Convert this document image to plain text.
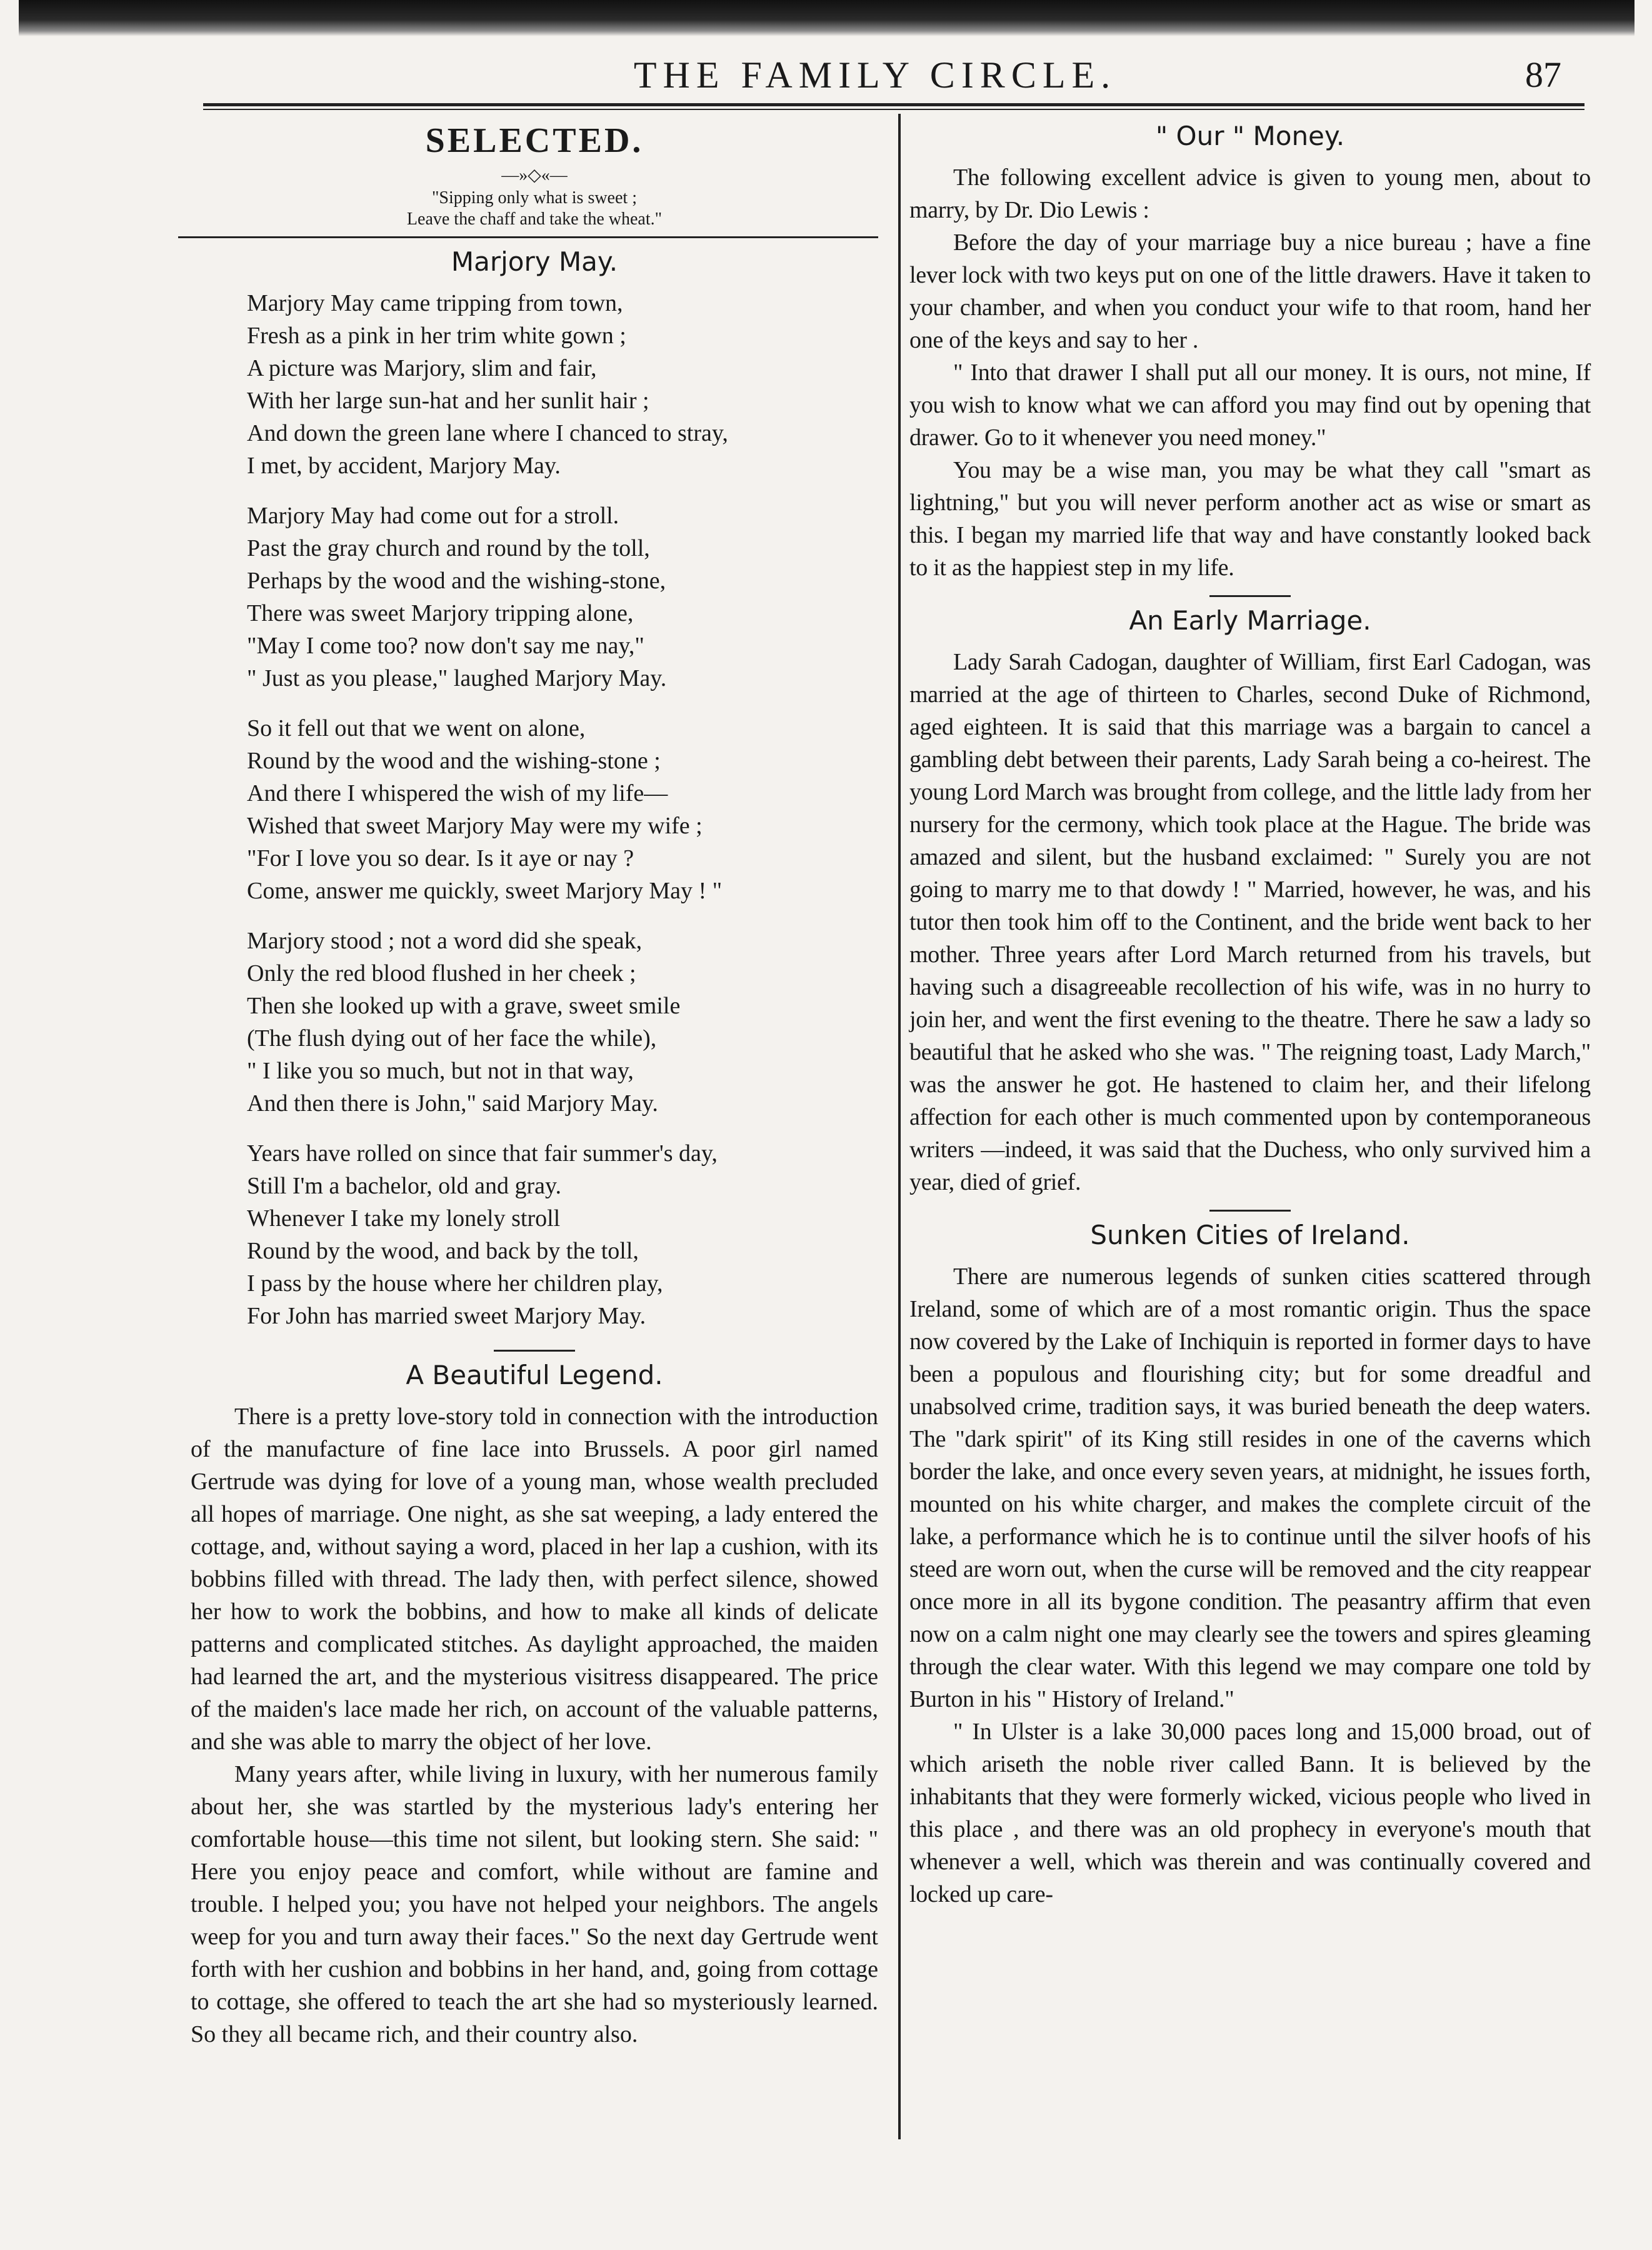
THE FAMILY CIRCLE.	87
SELECTED.
—»◇«—
"Sipping only what is sweet ;
Leave the chaff and take the wheat."
Marjory May.
Marjory May came tripping from town,
Fresh as a pink in her trim white gown ;
A picture was Marjory, slim and fair,
With her large sun-hat and her sunlit hair ;
And down the green lane where I chanced to stray,
I met, by accident, Marjory May.
Marjory May had come out for a stroll.
Past the gray church and round by the toll,
Perhaps by the wood and the wishing-stone,
There was sweet Marjory tripping alone,
"May I come too? now don't say me nay,"
" Just as you please," laughed Marjory May.
So it fell out that we went on alone,
Round by the wood and the wishing-stone ;
And there I whispered the wish of my life—
Wished that sweet Marjory May were my wife ;
"For I love you so dear. Is it aye or nay ?
Come, answer me quickly, sweet Marjory May ! "
Marjory stood ; not a word did she speak,
Only the red blood flushed in her cheek ;
Then she looked up with a grave, sweet smile
(The flush dying out of her face the while),
" I like you so much, but not in that way,
And then there is John," said Marjory May.
Years have rolled on since that fair summer's day,
Still I'm a bachelor, old and gray.
Whenever I take my lonely stroll
Round by the wood, and back by the toll,
I pass by the house where her children play,
For John has married sweet Marjory May.
A Beautiful Legend.

There is a pretty love-story told in connection with the introduction of the manufacture of fine lace into Brussels. A poor girl named Gertrude was dying for love of a young man, whose wealth precluded all hopes of marriage. One night, as she sat weeping, a lady entered the cottage, and, without saying a word, placed in her lap a cushion, with its bobbins filled with thread. The lady then, with perfect silence, showed her how to work the bobbins, and how to make all kinds of delicate patterns and complicated stitches. As daylight approached, the maiden had learned the art, and the mysterious visitress disappeared. The price of the maiden's lace made her rich, on account of the valuable patterns, and she was able to marry the object of her love.

Many years after, while living in luxury, with her numerous family about her, she was startled by the mysterious lady's entering her comfortable house—this time not silent, but looking stern. She said: " Here you enjoy peace and comfort, while without are famine and trouble. I helped you; you have not helped your neighbors. The angels weep for you and turn away their faces." So the next day Gertrude went forth with her cushion and bobbins in her hand, and, going from cottage to cottage, she offered to teach the art she had so mysteriously learned. So they all became rich, and their country also.

" Our " Money.

The following excellent advice is given to young men, about to marry, by Dr. Dio Lewis :

Before the day of your marriage buy a nice bureau ; have a fine lever lock with two keys put on one of the little drawers. Have it taken to your chamber, and when you conduct your wife to that room, hand her one of the keys and say to her .

" Into that drawer I shall put all our money. It is ours, not mine, If you wish to know what we can afford you may find out by opening that drawer. Go to it whenever you need money."

You may be a wise man, you may be what they call "smart as lightning," but you will never perform another act as wise or smart as this. I began my married life that way and have constantly looked back to it as the happiest step in my life.

An Early Marriage.

Lady Sarah Cadogan, daughter of William, first Earl Cadogan, was married at the age of thirteen to Charles, second Duke of Richmond, aged eighteen. It is said that this marriage was a bargain to cancel a gambling debt between their parents, Lady Sarah being a co-heirest. The young Lord March was brought from college, and the little lady from her nursery for the cermony, which took place at the Hague. The bride was amazed and silent, but the husband exclaimed: " Surely you are not going to marry me to that dowdy ! " Married, however, he was, and his tutor then took him off to the Continent, and the bride went back to her mother. Three years after Lord March returned from his travels, but having such a disagreeable recollection of his wife, was in no hurry to join her, and went the first evening to the theatre. There he saw a lady so beautiful that he asked who she was. " The reigning toast, Lady March," was the answer he got. He hastened to claim her, and their lifelong affection for each other is much commented upon by contemporaneous writers —indeed, it was said that the Duchess, who only survived him a year, died of grief.

Sunken Cities of Ireland.

There are numerous legends of sunken cities scattered through Ireland, some of which are of a most romantic origin. Thus the space now covered by the Lake of Inchiquin is reported in former days to have been a populous and flourishing city; but for some dreadful and unabsolved crime, tradition says, it was buried beneath the deep waters. The "dark spirit" of its King still resides in one of the caverns which border the lake, and once every seven years, at midnight, he issues forth, mounted on his white charger, and makes the complete circuit of the lake, a performance which he is to continue until the silver hoofs of his steed are worn out, when the curse will be removed and the city reappear once more in all its bygone condition. The peasantry affirm that even now on a calm night one may clearly see the towers and spires gleaming through the clear water. With this legend we may compare one told by Burton in his " History of Ireland."

" In Ulster is a lake 30,000 paces long and 15,000 broad, out of which ariseth the noble river called Bann. It is believed by the inhabitants that they were formerly wicked, vicious people who lived in this place , and there was an old prophecy in everyone's mouth that whenever a well, which was therein and was continually covered and locked up care-
